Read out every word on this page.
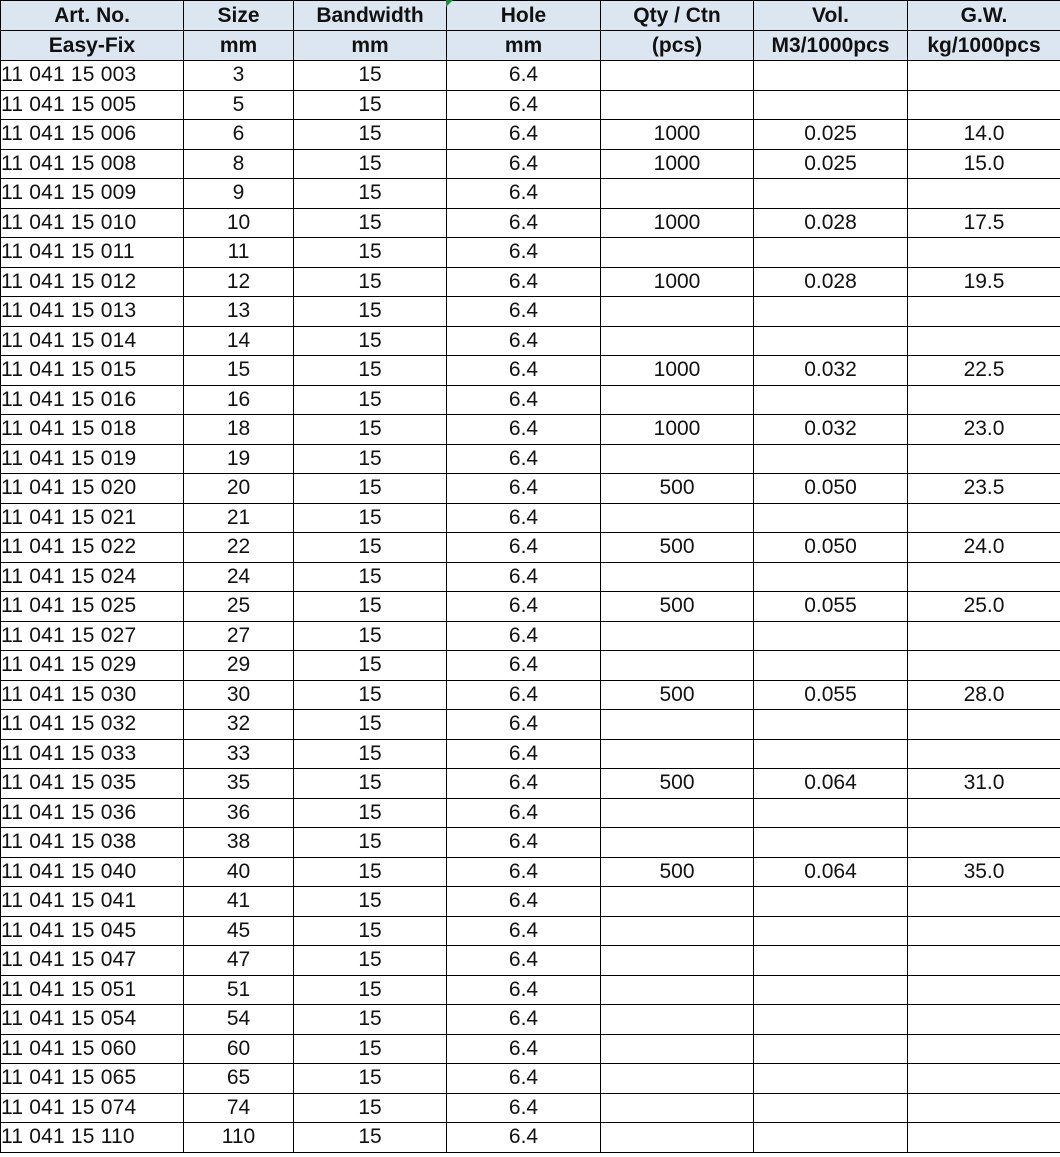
Art. No.	Size	Bandwidth	Hole	Qty / Ctn	Vol.	G.W.
Easy-Fix	mm	mm	mm	(pcs)	M3/1000pcs	kg/1000pcs
11 041 15 003	3	15	6.4			
11 041 15 005	5	15	6.4			
11 041 15 006	6	15	6.4	1000	0.025	14.0
11 041 15 008	8	15	6.4	1000	0.025	15.0
11 041 15 009	9	15	6.4			
11 041 15 010	10	15	6.4	1000	0.028	17.5
11 041 15 011	11	15	6.4			
11 041 15 012	12	15	6.4	1000	0.028	19.5
11 041 15 013	13	15	6.4			
11 041 15 014	14	15	6.4			
11 041 15 015	15	15	6.4	1000	0.032	22.5
11 041 15 016	16	15	6.4			
11 041 15 018	18	15	6.4	1000	0.032	23.0
11 041 15 019	19	15	6.4			
11 041 15 020	20	15	6.4	500	0.050	23.5
11 041 15 021	21	15	6.4			
11 041 15 022	22	15	6.4	500	0.050	24.0
11 041 15 024	24	15	6.4			
11 041 15 025	25	15	6.4	500	0.055	25.0
11 041 15 027	27	15	6.4			
11 041 15 029	29	15	6.4			
11 041 15 030	30	15	6.4	500	0.055	28.0
11 041 15 032	32	15	6.4			
11 041 15 033	33	15	6.4			
11 041 15 035	35	15	6.4	500	0.064	31.0
11 041 15 036	36	15	6.4			
11 041 15 038	38	15	6.4			
11 041 15 040	40	15	6.4	500	0.064	35.0
11 041 15 041	41	15	6.4			
11 041 15 045	45	15	6.4			
11 041 15 047	47	15	6.4			
11 041 15 051	51	15	6.4			
11 041 15 054	54	15	6.4			
11 041 15 060	60	15	6.4			
11 041 15 065	65	15	6.4			
11 041 15 074	74	15	6.4			
11 041 15 110	110	15	6.4			
